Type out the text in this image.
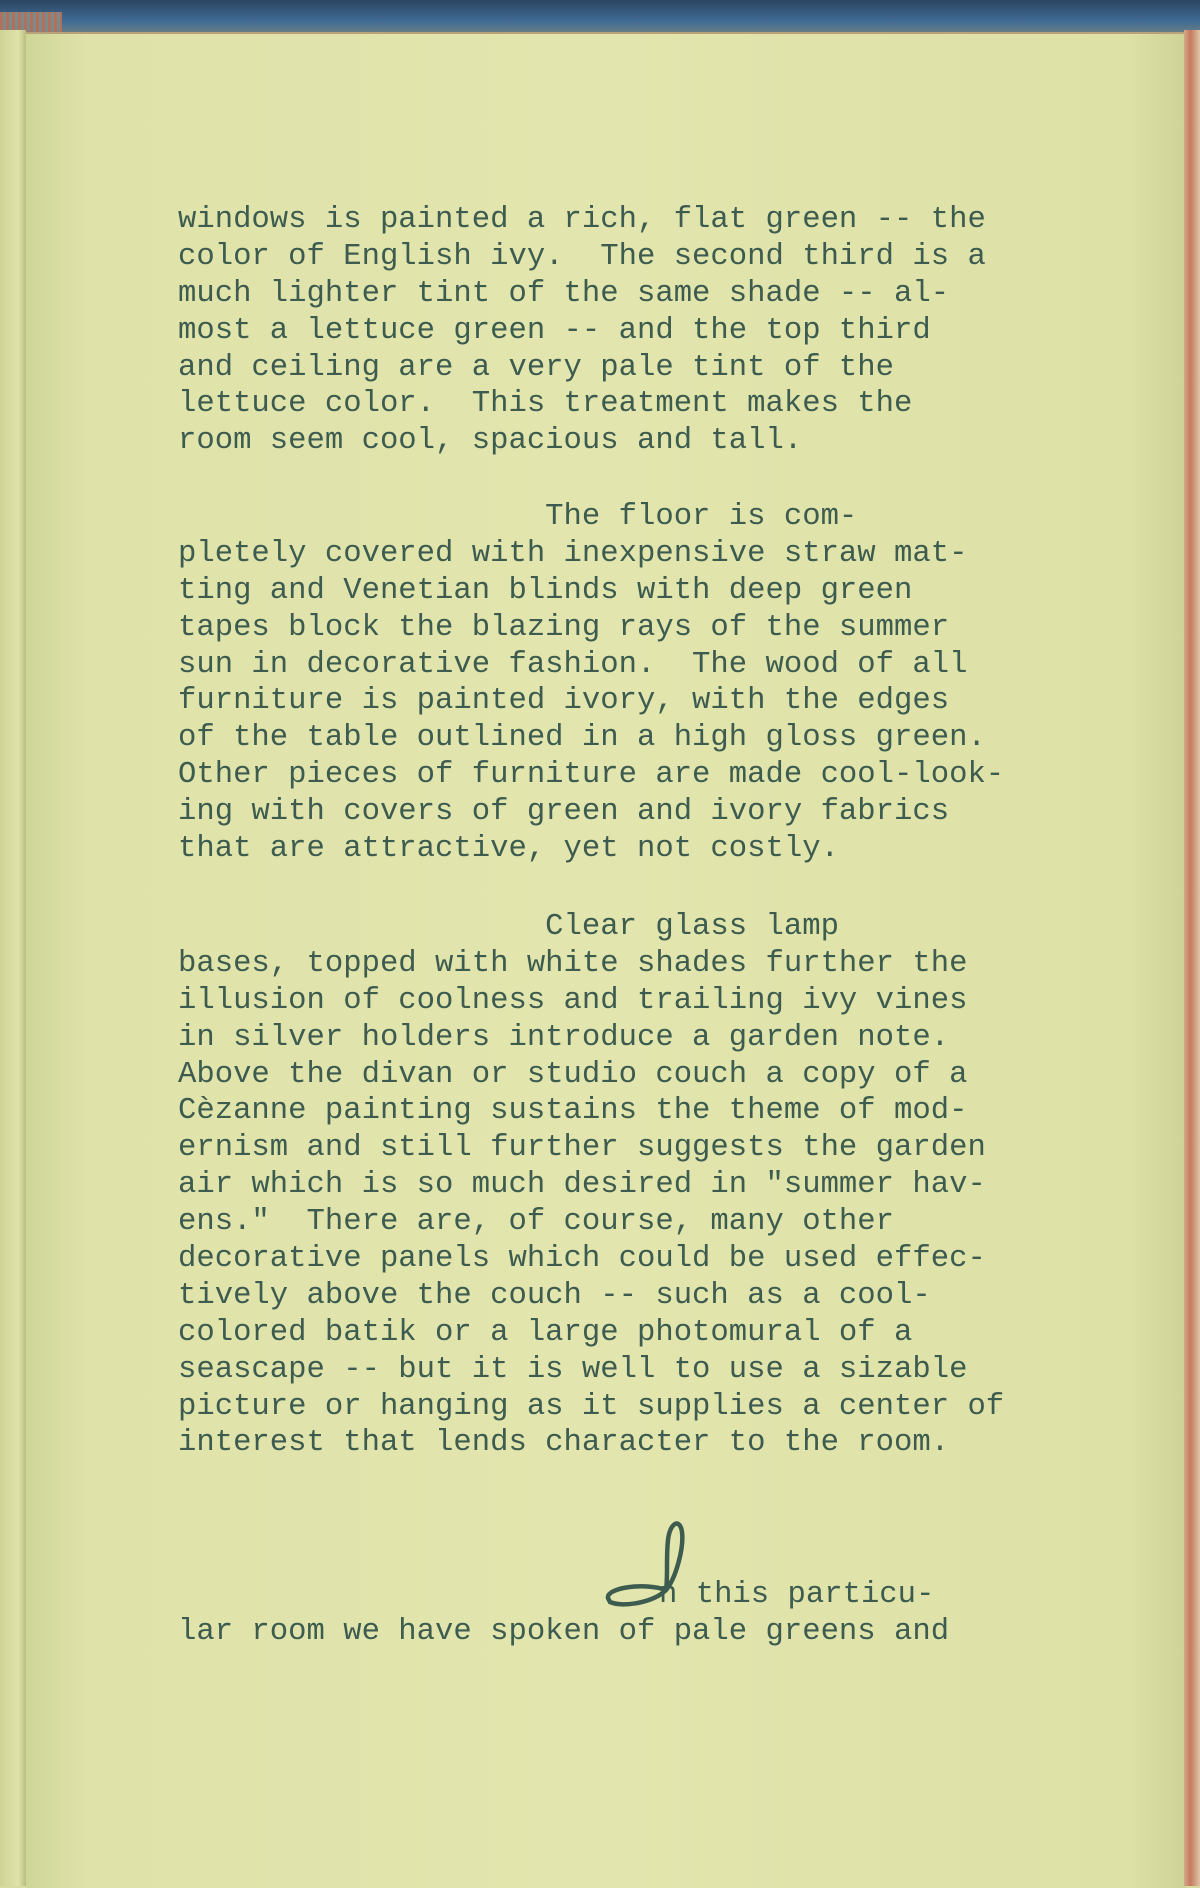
windows is painted a rich, flat green -- the
color of English ivy.  The second third is a
much lighter tint of the same shade -- al-
most a lettuce green -- and the top third
and ceiling are a very pale tint of the
lettuce color.  This treatment makes the
room seem cool, spacious and tall.
The floor is com-
pletely covered with inexpensive straw mat-
ting and Venetian blinds with deep green
tapes block the blazing rays of the summer
sun in decorative fashion.  The wood of all
furniture is painted ivory, with the edges
of the table outlined in a high gloss green.
Other pieces of furniture are made cool-look-
ing with covers of green and ivory fabrics
that are attractive, yet not costly.
Clear glass lamp
bases, topped with white shades further the
illusion of coolness and trailing ivy vines
in silver holders introduce a garden note.
Above the divan or studio couch a copy of a
Cèzanne painting sustains the theme of mod-
ernism and still further suggests the garden
air which is so much desired in "summer hav-
ens."  There are, of course, many other
decorative panels which could be used effec-
tively above the couch -- such as a cool-
colored batik or a large photomural of a
seascape -- but it is well to use a sizable
picture or hanging as it supplies a center of
interest that lends character to the room.
n this particu-
lar room we have spoken of pale greens and
